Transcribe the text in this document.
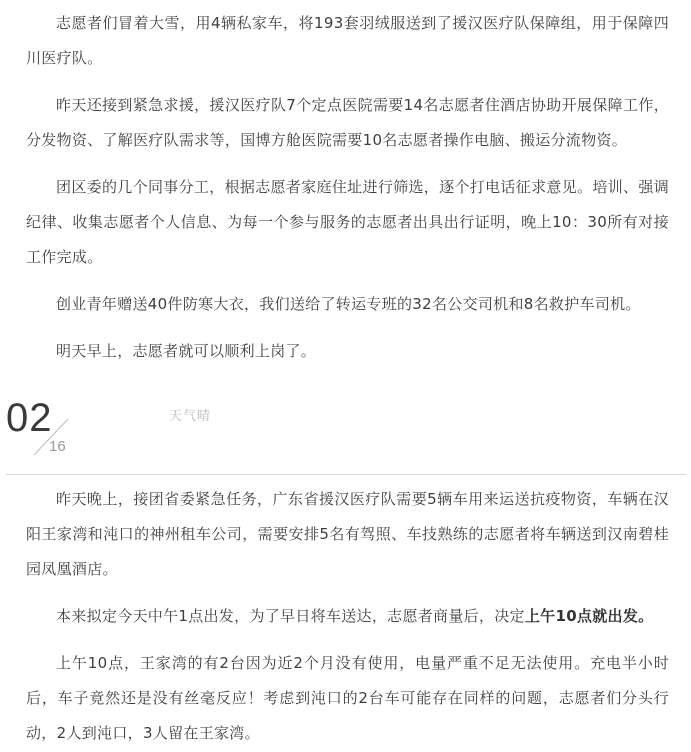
志愿者们冒着大雪，用4辆私家车，将193套羽绒服送到了援汉医疗队保障组，用于保障四川医疗队。

昨天还接到紧急求援，援汉医疗队7个定点医院需要14名志愿者住酒店协助开展保障工作，分发物资、了解医疗队需求等，国博方舱医院需要10名志愿者操作电脑、搬运分流物资。

团区委的几个同事分工，根据志愿者家庭住址进行筛选，逐个打电话征求意见。培训、强调纪律、收集志愿者个人信息、为每一个参与服务的志愿者出具出行证明，晚上10：30所有对接工作完成。

创业青年赠送40件防寒大衣，我们送给了转运专班的32名公交司机和8名救护车司机。

明天早上，志愿者就可以顺利上岗了。

02
16
天气晴

昨天晚上，接团省委紧急任务，广东省援汉医疗队需要5辆车用来运送抗疫物资，车辆在汉阳王家湾和沌口的神州租车公司，需要安排5名有驾照、车技熟练的志愿者将车辆送到汉南碧桂园凤凰酒店。

本来拟定今天中午1点出发，为了早日将车送达，志愿者商量后，决定上午10点就出发。

上午10点，王家湾的有2台因为近2个月没有使用，电量严重不足无法使用。充电半小时后，车子竟然还是没有丝毫反应！考虑到沌口的2台车可能存在同样的问题，志愿者们分头行动，2人到沌口，3人留在王家湾。
